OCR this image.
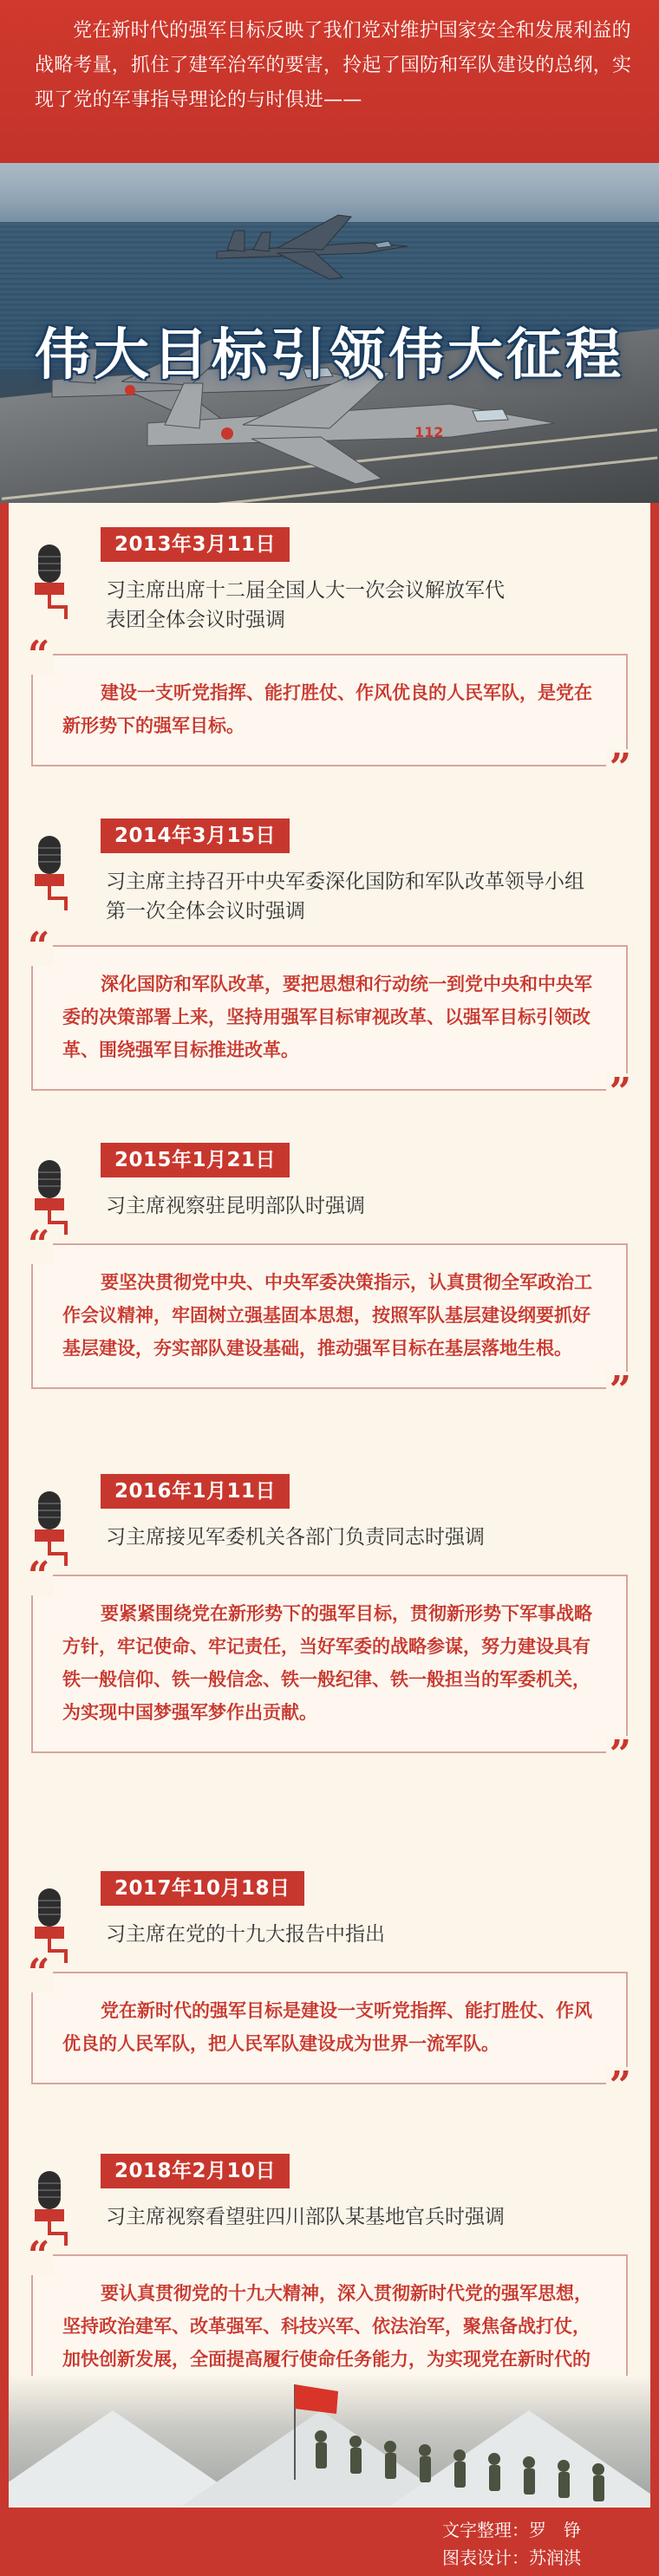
党在新时代的强军目标反映了我们党对维护国家安全和发展利益的战略考量，抓住了建军治军的要害，拎起了国防和军队建设的总纲，实现了党的军事指导理论的与时俱进——

112
伟大目标引领伟大征程
2013年3月11日

习主席出席十二届全国人大一次会议解放军代表团全体会议时强调

“

建设一支听党指挥、能打胜仗、作风优良的人民军队，是党在新形势下的强军目标。

”
2014年3月15日

习主席主持召开中央军委深化国防和军队改革领导小组第一次全体会议时强调

“

深化国防和军队改革，要把思想和行动统一到党中央和中央军委的决策部署上来，坚持用强军目标审视改革、以强军目标引领改革、围绕强军目标推进改革。

”
2015年1月21日

习主席视察驻昆明部队时强调

“

要坚决贯彻党中央、中央军委决策指示，认真贯彻全军政治工作会议精神，牢固树立强基固本思想，按照军队基层建设纲要抓好基层建设，夯实部队建设基础，推动强军目标在基层落地生根。

”
2016年1月11日

习主席接见军委机关各部门负责同志时强调

“

要紧紧围绕党在新形势下的强军目标，贯彻新形势下军事战略方针，牢记使命、牢记责任，当好军委的战略参谋，努力建设具有铁一般信仰、铁一般信念、铁一般纪律、铁一般担当的军委机关，为实现中国梦强军梦作出贡献。

”
2017年10月18日

习主席在党的十九大报告中指出

“

党在新时代的强军目标是建设一支听党指挥、能打胜仗、作风优良的人民军队，把人民军队建设成为世界一流军队。

”
2018年2月10日

习主席视察看望驻四川部队某基地官兵时强调

“

要认真贯彻党的十九大精神，深入贯彻新时代党的强军思想，坚持政治建军、改革强军、科技兴军、依法治军，聚焦备战打仗，加快创新发展，全面提高履行使命任务能力，为实现党在新时代的

文字整理：罗　铮

图表设计：苏润淇
